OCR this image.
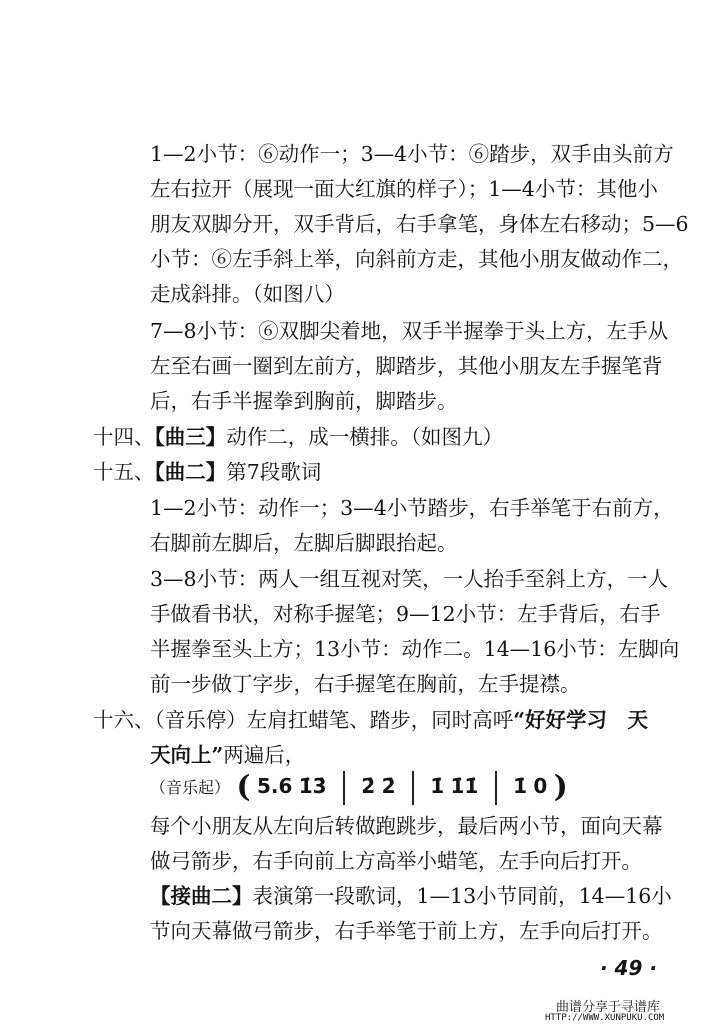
1—2小节：⑥动作一；3—4小节：⑥踏步，双手由头前方
左右拉开（展现一面大红旗的样子）；1—4小节：其他小
朋友双脚分开，双手背后，右手拿笔，身体左右移动；5—6
小节：⑥左手斜上举，向斜前方走，其他小朋友做动作二，
走成斜排。（如图八）
7—8小节：⑥双脚尖着地，双手半握拳于头上方，左手从
左至右画一圈到左前方，脚踏步，其他小朋友左手握笔背
后，右手半握拳到胸前，脚踏步。
十四、【曲三】动作二，成一横排。（如图九）
十五、【曲二】第7段歌词
1—2小节：动作一；3—4小节踏步，右手举笔于右前方，
右脚前左脚后，左脚后脚跟抬起。
3—8小节：两人一组互视对笑，一人抬手至斜上方，一人
手做看书状，对称手握笔；9—12小节：左手背后，右手
半握拳至头上方；13小节：动作二。14—16小节：左脚向
前一步做丁字步，右手握笔在胸前，左手提襟。
十六、（音乐停）左肩扛蜡笔、踏步，同时高呼“好好学习　天
天向上”两遍后，
（音乐起） ( 5.6 1̇3̇ 2̇ 2̇ 1̇ 1̇1̇ 1̇ 0 )
每个小朋友从左向后转做跑跳步，最后两小节，面向天幕
做弓箭步，右手向前上方高举小蜡笔，左手向后打开。
【接曲二】表演第一段歌词，1—13小节同前，14—16小
节向天幕做弓箭步，右手举笔于前上方，左手向后打开。
· 49 ·
曲谱分享于寻谱库
HTTP://WWW.XUNPUKU.COM
